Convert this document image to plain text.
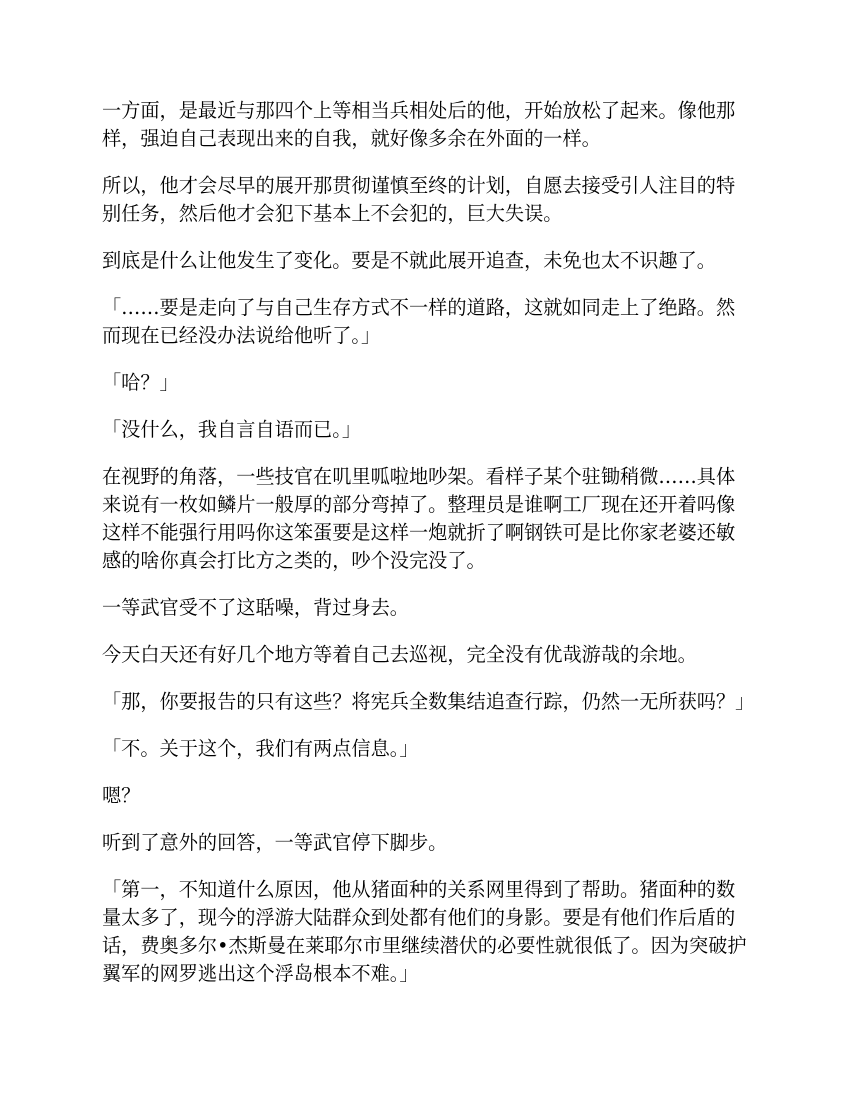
一方面，是最近与那四个上等相当兵相处后的他，开始放松了起来。像他那样，强迫自己表现出来的自我，就好像多余在外面的一样。

所以，他才会尽早的展开那贯彻谨慎至终的计划，自愿去接受引人注目的特别任务，然后他才会犯下基本上不会犯的，巨大失误。

到底是什么让他发生了变化。要是不就此展开追查，未免也太不识趣了。

「……要是走向了与自己生存方式不一样的道路，这就如同走上了绝路。然而现在已经没办法说给他听了。」

「哈？」

「没什么，我自言自语而已。」

在视野的角落，一些技官在叽里呱啦地吵架。看样子某个驻锄稍微……具体来说有一枚如鳞片一般厚的部分弯掉了。整理员是谁啊工厂现在还开着吗像这样不能强行用吗你这笨蛋要是这样一炮就折了啊钢铁可是比你家老婆还敏感的啥你真会打比方之类的，吵个没完没了。

一等武官受不了这聒噪，背过身去。

今天白天还有好几个地方等着自己去巡视，完全没有优哉游哉的余地。

「那，你要报告的只有这些？将宪兵全数集结追查行踪，仍然一无所获吗？」

「不。关于这个，我们有两点信息。」

嗯？

听到了意外的回答，一等武官停下脚步。

「第一，不知道什么原因，他从猪面种的关系网里得到了帮助。猪面种的数量太多了，现今的浮游大陆群众到处都有他们的身影。要是有他们作后盾的话，费奥多尔•杰斯曼在莱耶尔市里继续潜伏的必要性就很低了。因为突破护翼军的网罗逃出这个浮岛根本不难。」
